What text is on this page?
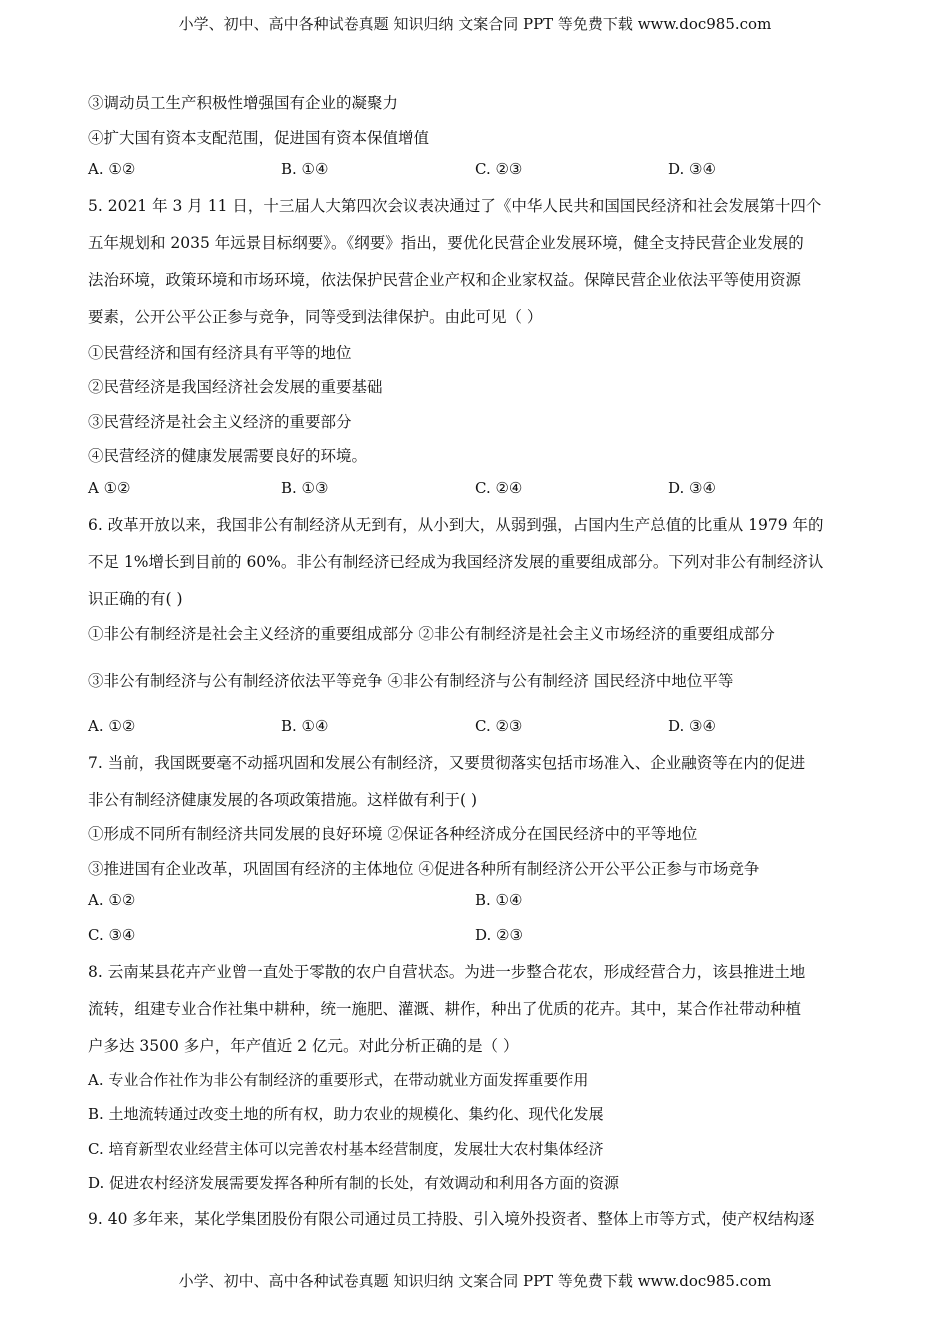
小学、初中、高中各种试卷真题 知识归纳 文案合同 PPT 等免费下载 www.doc985.com
③调动员工生产积极性增强国有企业的凝聚力
④扩大国有资本支配范围，促进国有资本保值增值
A. ①②	B. ①④	C. ②③	D. ③④
5. 2021 年 3 月 11 日，十三届人大第四次会议表决通过了《中华人民共和国国民经济和社会发展第十四个
五年规划和 2035 年远景目标纲要》。《纲要》指出，要优化民营企业发展环境，健全支持民营企业发展的
法治环境，政策环境和市场环境，依法保护民营企业产权和企业家权益。保障民营企业依法平等使用资源
要素，公开公平公正参与竞争，同等受到法律保护。由此可见（ ）
①民营经济和国有经济具有平等的地位
②民营经济是我国经济社会发展的重要基础
③民营经济是社会主义经济的重要部分
④民营经济的健康发展需要良好的环境。
A ①②	B. ①③	C. ②④	D. ③④
6. 改革开放以来，我国非公有制经济从无到有，从小到大，从弱到强，占国内生产总值的比重从 1979 年的
不足 1%增长到目前的 60%。非公有制经济已经成为我国经济发展的重要组成部分。下列对非公有制经济认
识正确的有( )
①非公有制经济是社会主义经济的重要组成部分 ②非公有制经济是社会主义市场经济的重要组成部分
③非公有制经济与公有制经济依法平等竞争 ④非公有制经济与公有制经济 国民经济中地位平等
A. ①②	B. ①④	C. ②③	D. ③④
7. 当前，我国既要毫不动摇巩固和发展公有制经济，又要贯彻落实包括市场准入、企业融资等在内的促进
非公有制经济健康发展的各项政策措施。这样做有利于( )
①形成不同所有制经济共同发展的良好环境 ②保证各种经济成分在国民经济中的平等地位
③推进国有企业改革，巩固国有经济的主体地位 ④促进各种所有制经济公开公平公正参与市场竞争
A. ①②	B. ①④
C. ③④	D. ②③
8. 云南某县花卉产业曾一直处于零散的农户自营状态。为进一步整合花农，形成经营合力，该县推进土地
流转，组建专业合作社集中耕种，统一施肥、灌溉、耕作，种出了优质的花卉。其中，某合作社带动种植
户多达 3500 多户，年产值近 2 亿元。对此分析正确的是（ ）
A. 专业合作社作为非公有制经济的重要形式，在带动就业方面发挥重要作用
B. 土地流转通过改变土地的所有权，助力农业的规模化、集约化、现代化发展
C. 培育新型农业经营主体可以完善农村基本经营制度，发展壮大农村集体经济
D. 促进农村经济发展需要发挥各种所有制的长处，有效调动和利用各方面的资源
9. 40 多年来，某化学集团股份有限公司通过员工持股、引入境外投资者、整体上市等方式，使产权结构逐
小学、初中、高中各种试卷真题 知识归纳 文案合同 PPT 等免费下载 www.doc985.com
